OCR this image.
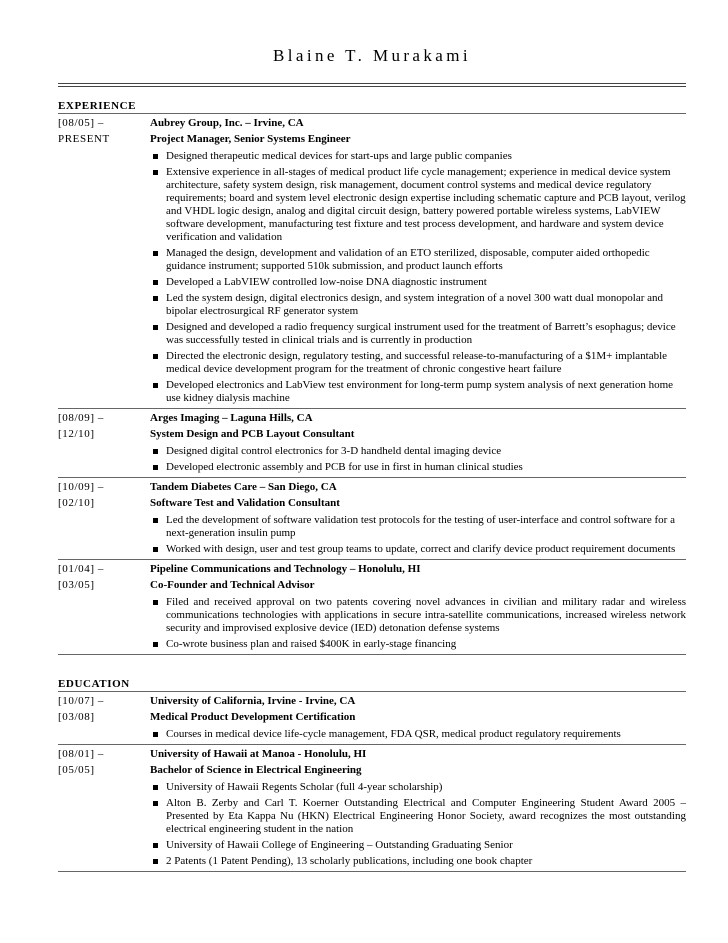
Blaine T. Murakami
EXPERIENCE
[08/05] –
PRESENT
Aubrey Group, Inc. – Irvine, CA
Project Manager, Senior Systems Engineer
Designed therapeutic medical devices for start-ups and large public companies
Extensive experience in all-stages of medical product life cycle management; experience in medical device system architecture, safety system design, risk management, document control systems and medical device regulatory requirements; board and system level electronic design expertise including schematic capture and PCB layout, verilog and VHDL logic design, analog and digital circuit design, battery powered portable wireless systems, LabVIEW software development, manufacturing test fixture and test process development, and hardware and system device verification and validation
Managed the design, development and validation of an ETO sterilized, disposable, computer aided orthopedic guidance instrument; supported 510k submission, and product launch efforts
Developed a LabVIEW controlled low-noise DNA diagnostic instrument
Led the system design, digital electronics design, and system integration of a novel 300 watt dual monopolar and bipolar electrosurgical RF generator system
Designed and developed a radio frequency surgical instrument used for the treatment of Barrett’s esophagus; device was successfully tested in clinical trials and is currently in production
Directed the electronic design, regulatory testing, and successful release-to-manufacturing of a $1M+ implantable medical device development program for the treatment of chronic congestive heart failure
Developed electronics and LabView test environment for long-term pump system analysis of next generation home use kidney dialysis machine
[08/09] –
[12/10]
Arges Imaging – Laguna Hills, CA
System Design and PCB Layout Consultant
Designed digital control electronics for 3-D handheld dental imaging device
Developed electronic assembly and PCB for use in first in human clinical studies
[10/09] –
[02/10]
Tandem Diabetes Care – San Diego, CA
Software Test and Validation Consultant
Led the development of software validation test protocols for the testing of user-interface and control software for a next-generation insulin pump
Worked with design, user and test group teams to update, correct and clarify device product requirement documents
[01/04] –
[03/05]
Pipeline Communications and Technology – Honolulu, HI
Co-Founder and Technical Advisor
Filed and received approval on two patents covering novel advances in civilian and military radar and wireless communications technologies with applications in secure intra-satellite communications, increased wireless network security and improvised explosive device (IED) detonation defense systems
Co-wrote business plan and raised $400K in early-stage financing
EDUCATION
[10/07] –
[03/08]
University of California, Irvine - Irvine, CA
Medical Product Development Certification
Courses in medical device life-cycle management, FDA QSR, medical product regulatory requirements
[08/01] –
[05/05]
University of Hawaii at Manoa - Honolulu, HI
Bachelor of Science in Electrical Engineering
University of Hawaii Regents Scholar (full 4-year scholarship)
Alton B. Zerby and Carl T. Koerner Outstanding Electrical and Computer Engineering Student Award 2005 – Presented by Eta Kappa Nu (HKN) Electrical Engineering Honor Society, award recognizes the most outstanding electrical engineering student in the nation
University of Hawaii College of Engineering – Outstanding Graduating Senior
2 Patents (1 Patent Pending), 13 scholarly publications, including one book chapter
